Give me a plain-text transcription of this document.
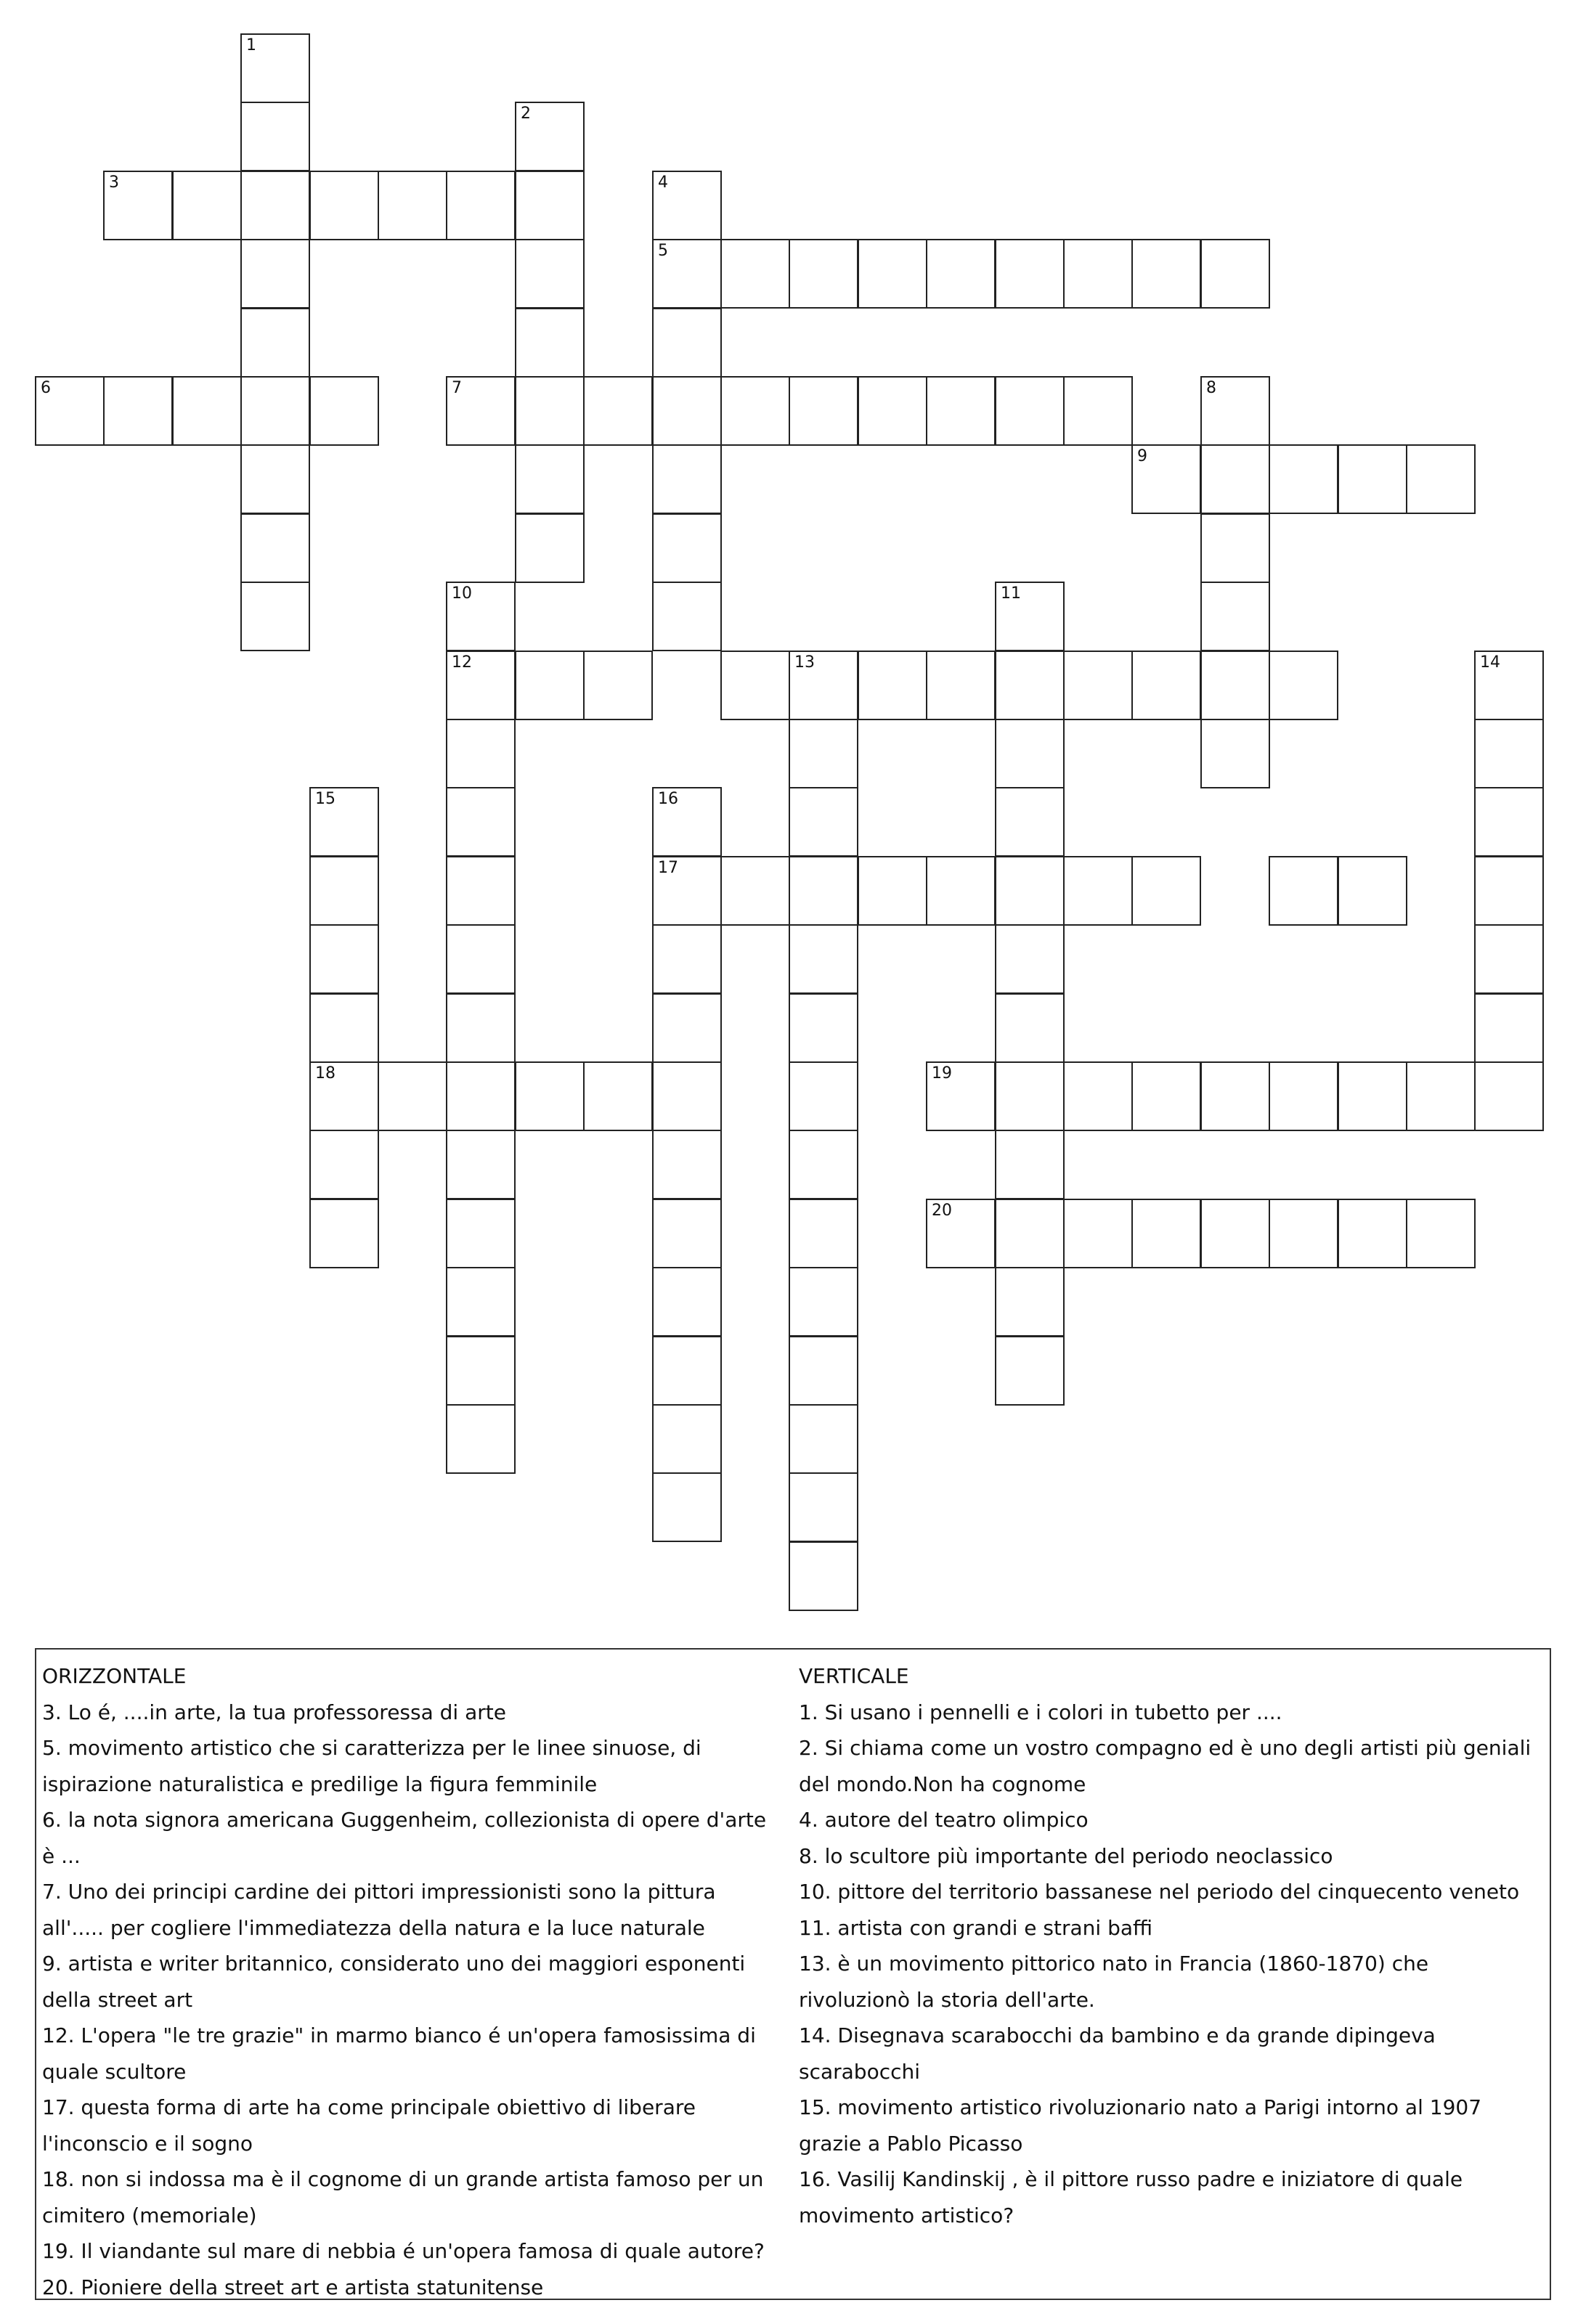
1
2
3	4
5
6	7	8
9
10
12
11
13	14
15
18
16
17
19
20

ORIZZONTALE

3. Lo é, ....in arte, la tua professoressa di arte

5. movimento artistico che si caratterizza per le linee sinuose, di ispirazione naturalistica e predilige la figura femminile

6. la nota signora americana Guggenheim, collezionista di opere d'arte è ...

7. Uno dei principi cardine dei pittori impressionisti sono la pittura all'..... per cogliere l'immediatezza della natura e la luce naturale

9. artista e writer britannico, considerato uno dei maggiori esponenti della street art

12. L'opera "le tre grazie" in marmo bianco é un'opera famosissima di quale scultore

17. questa forma di arte ha come principale obiettivo di liberare l'inconscio e il sogno

18. non si indossa ma è il cognome di un grande artista famoso per un cimitero (memoriale)

19. Il viandante sul mare di nebbia é un'opera famosa di quale autore?

20. Pioniere della street art e artista statunitense

VERTICALE

1. Si usano i pennelli e i colori in tubetto per ....

2. Si chiama come un vostro compagno ed è uno degli artisti più geniali del mondo.Non ha cognome

4. autore del teatro olimpico

8. lo scultore più importante del periodo neoclassico

10. pittore del territorio bassanese nel periodo del cinquecento veneto

11. artista con grandi e strani baffi

13. è un movimento pittorico nato in Francia (1860-1870) che rivoluzionò la storia dell'arte.

14. Disegnava scarabocchi da bambino e da grande dipingeva scarabocchi

15. movimento artistico rivoluzionario nato a Parigi intorno al 1907 grazie a Pablo Picasso

16. Vasilij Kandinskij , è il pittore russo padre e iniziatore di quale movimento artistico?
